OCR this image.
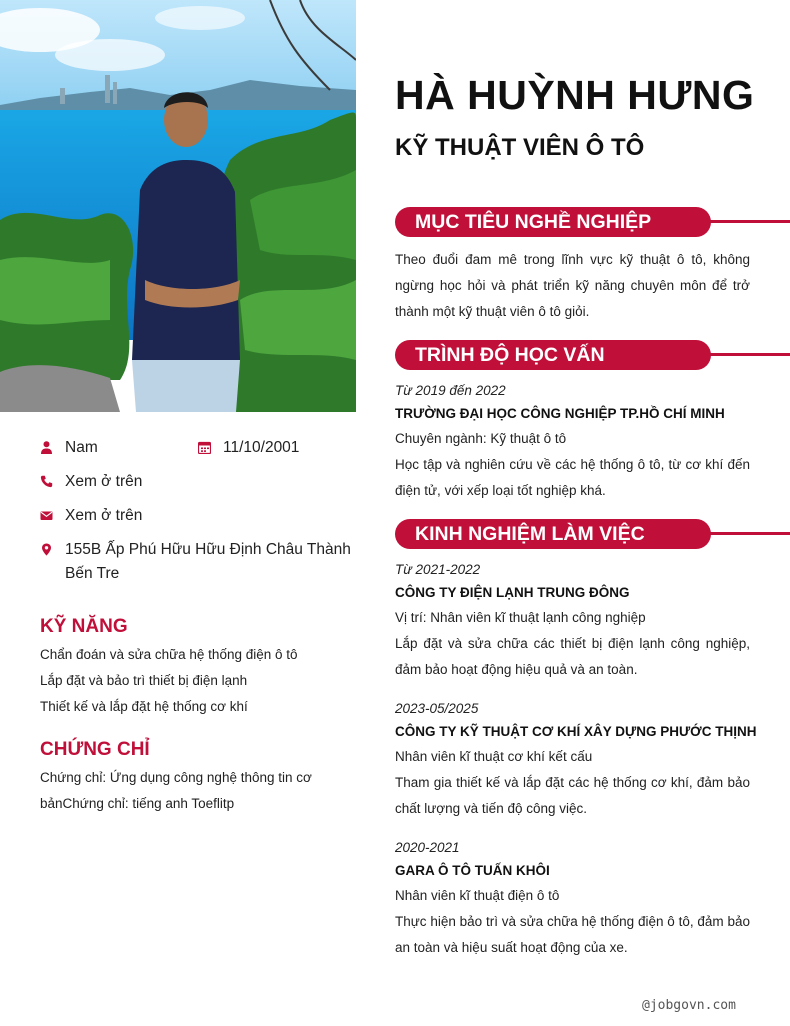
Nam	11/10/2001
Xem ở trên
Xem ở trên
155B Ấp Phú Hữu Hữu Định Châu Thành Bến Tre
KỸ NĂNG
Chẩn đoán và sửa chữa hệ thống điện ô tô
Lắp đặt và bảo trì thiết bị điện lạnh
Thiết kế và lắp đặt hệ thống cơ khí
CHỨNG CHỈ
Chứng chỉ: Ứng dụng công nghệ thông tin cơ bảnChứng chỉ: tiếng anh Toeflitp
HÀ HUỲNH HƯNG
KỸ THUẬT VIÊN Ô TÔ
MỤC TIÊU NGHỀ NGHIỆP
Theo đuổi đam mê trong lĩnh vực kỹ thuật ô tô, không ngừng học hỏi và phát triển kỹ năng chuyên môn để trở thành một kỹ thuật viên ô tô giỏi.
TRÌNH ĐỘ HỌC VẤN
Từ 2019 đến 2022
TRƯỜNG ĐẠI HỌC CÔNG NGHIỆP TP.HỒ CHÍ MINH
Chuyên ngành: Kỹ thuật ô tô
Học tập và nghiên cứu về các hệ thống ô tô, từ cơ khí đến điện tử, với xếp loại tốt nghiệp khá.
KINH NGHIỆM LÀM VIỆC
Từ 2021-2022
CÔNG TY ĐIỆN LẠNH TRUNG ĐÔNG
Vị trí: Nhân viên kĩ thuật lạnh công nghiệp
Lắp đặt và sửa chữa các thiết bị điện lạnh công nghiệp, đảm bảo hoạt động hiệu quả và an toàn.
2023-05/2025
CÔNG TY KỸ THUẬT CƠ KHÍ XÂY DỰNG PHƯỚC THỊNH
Nhân viên kĩ thuật cơ khí kết cấu
Tham gia thiết kế và lắp đặt các hệ thống cơ khí, đảm bảo chất lượng và tiến độ công việc.
2020-2021
GARA Ô TÔ TUẤN KHÔI
Nhân viên kĩ thuật điện ô tô
Thực hiện bảo trì và sửa chữa hệ thống điện ô tô, đảm bảo an toàn và hiệu suất hoạt động của xe.
@jobgovn.com
